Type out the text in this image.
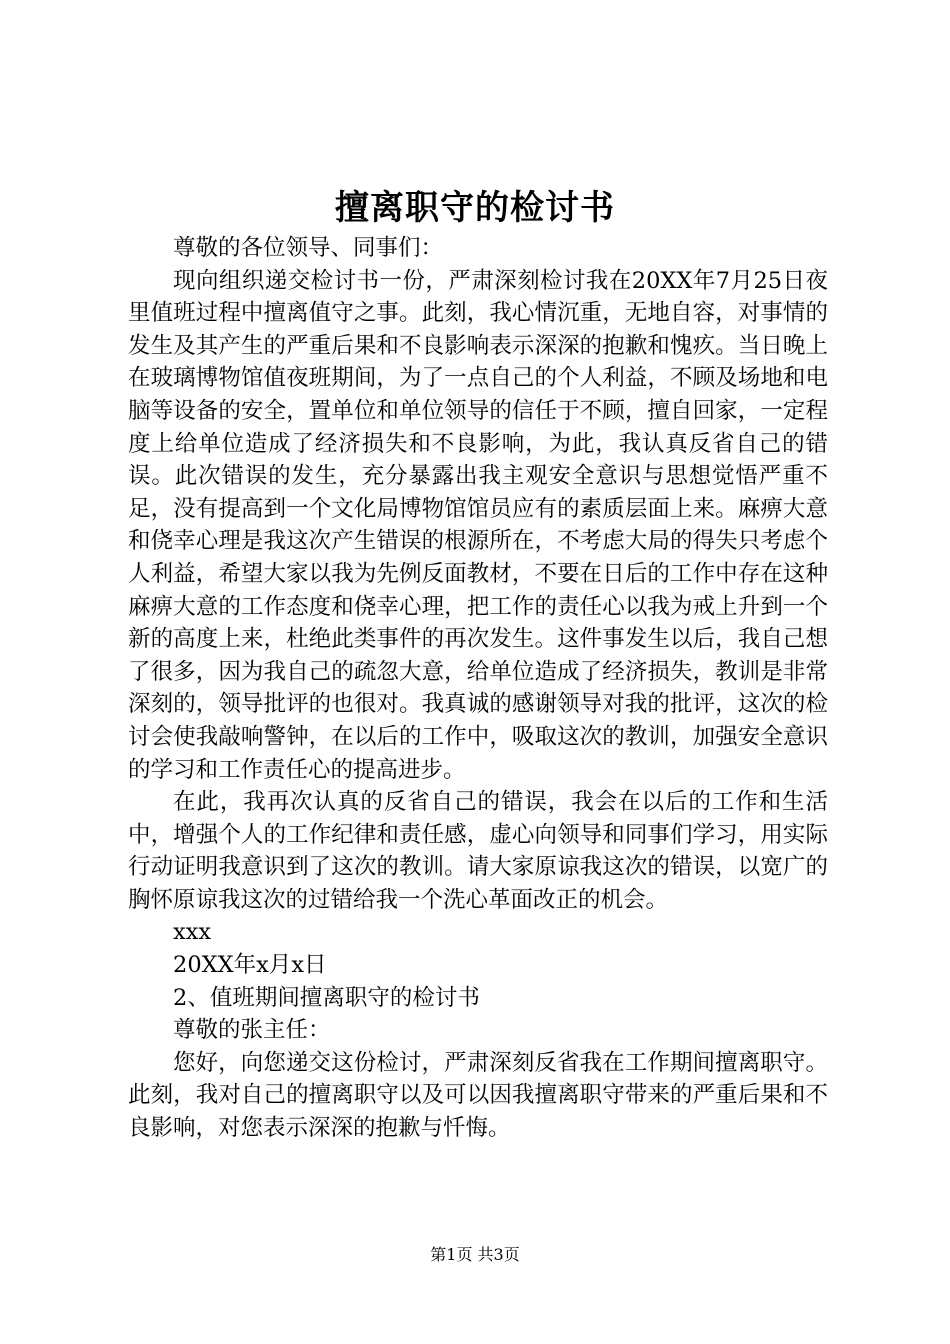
擅离职守的检讨书

尊敬的各位领导、同事们：

现向组织递交检讨书一份，严肃深刻检讨我在20XX年7月25日夜里值班过程中擅离值守之事。此刻，我心情沉重，无地自容，对事情的发生及其产生的严重后果和不良影响表示深深的抱歉和愧疚。当日晚上在玻璃博物馆值夜班期间，为了一点自己的个人利益，不顾及场地和电脑等设备的安全，置单位和单位领导的信任于不顾，擅自回家，一定程度上给单位造成了经济损失和不良影响，为此，我认真反省自己的错误。此次错误的发生，充分暴露出我主观安全意识与思想觉悟严重不足，没有提高到一个文化局博物馆馆员应有的素质层面上来。麻痹大意和侥幸心理是我这次产生错误的根源所在，不考虑大局的得失只考虑个人利益，希望大家以我为先例反面教材，不要在日后的工作中存在这种麻痹大意的工作态度和侥幸心理，把工作的责任心以我为戒上升到一个新的高度上来，杜绝此类事件的再次发生。这件事发生以后，我自己想了很多，因为我自己的疏忽大意，给单位造成了经济损失，教训是非常深刻的，领导批评的也很对。我真诚的感谢领导对我的批评，这次的检讨会使我敲响警钟，在以后的工作中，吸取这次的教训，加强安全意识的学习和工作责任心的提高进步。

在此，我再次认真的反省自己的错误，我会在以后的工作和生活中，增强个人的工作纪律和责任感，虚心向领导和同事们学习，用实际行动证明我意识到了这次的教训。请大家原谅我这次的错误，以宽广的胸怀原谅我这次的过错给我一个洗心革面改正的机会。

xxx

20XX年x月x日

2、值班期间擅离职守的检讨书

尊敬的张主任：

您好，向您递交这份检讨，严肃深刻反省我在工作期间擅离职守。此刻，我对自己的擅离职守以及可以因我擅离职守带来的严重后果和不良影响，对您表示深深的抱歉与忏悔。

第1页 共3页
